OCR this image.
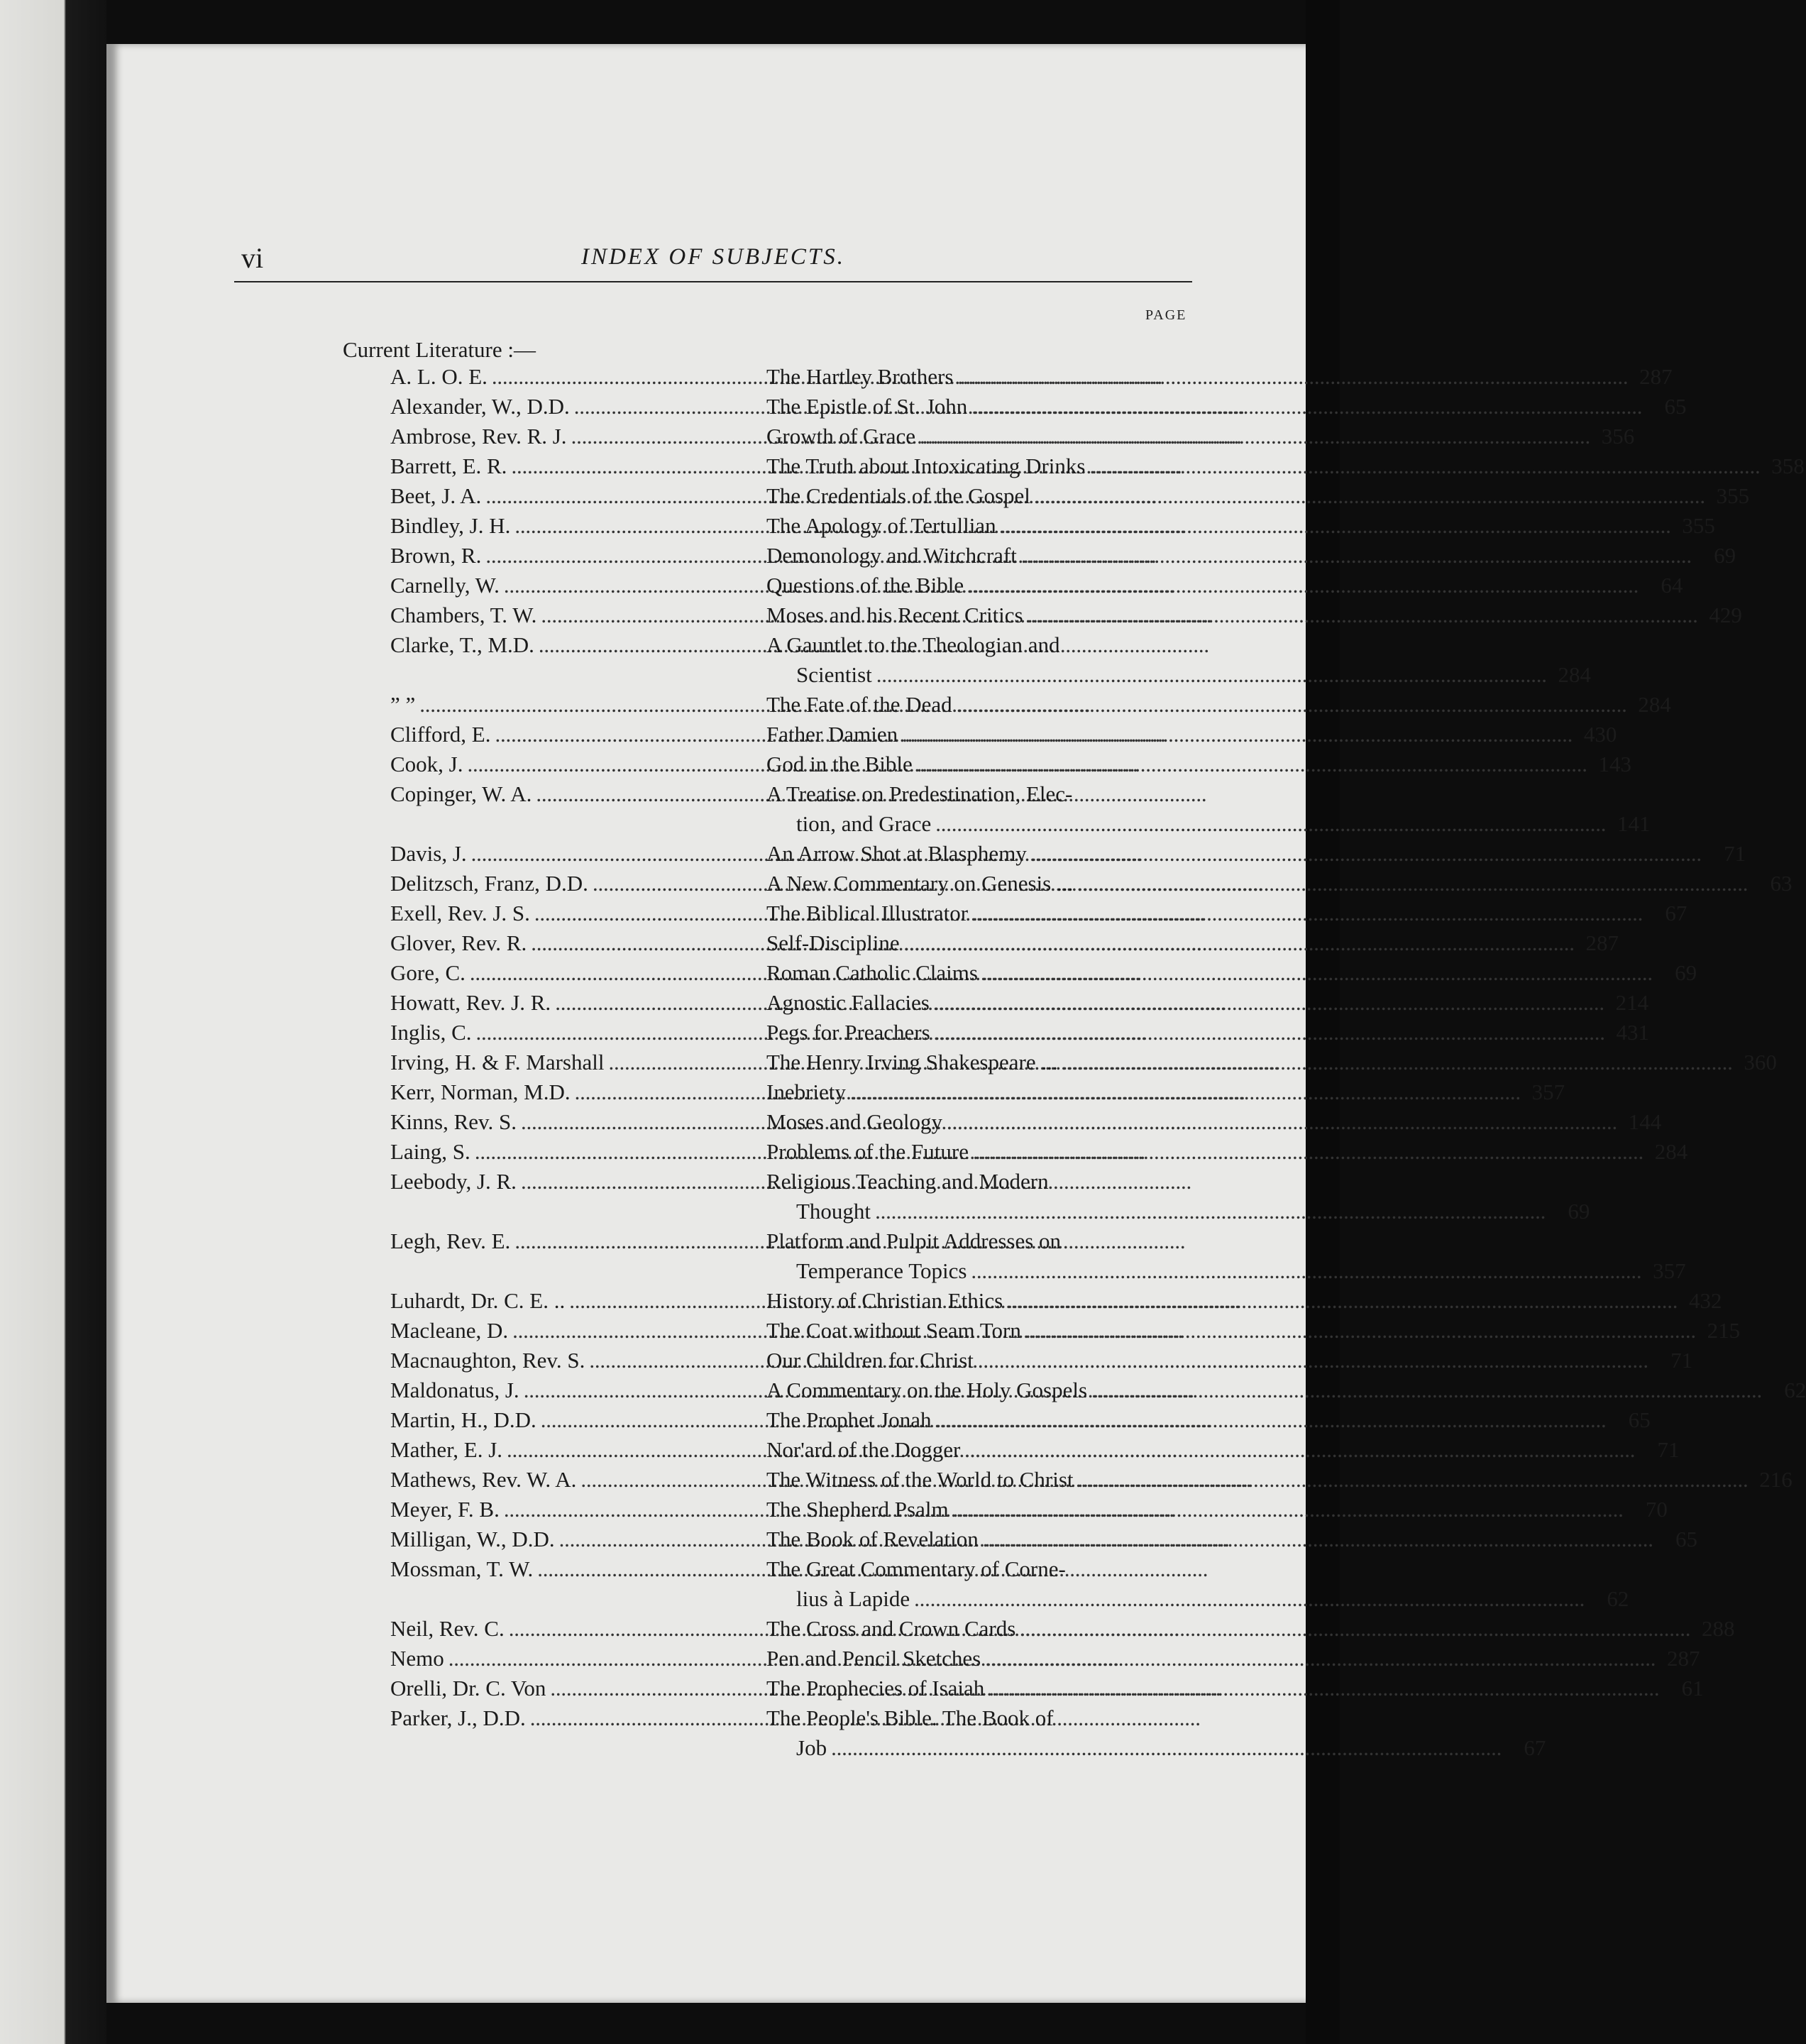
vi	INDEX OF SUBJECTS.
PAGE
Current Literature :—
A. L. O. E. . . .	The Hartley Brothers . . .	287
Alexander, W., D.D. . . .	The Epistle of St. John . . .	65
Ambrose, Rev. R. J. . . .	Growth of Grace . . .	356
Barrett, E. R. . . .	The Truth about Intoxicating Drinks . . .	358
Beet, J. A. . . .	The Credentials of the Gospel . . .	355
Bindley, J. H. . . .	The Apology of Tertullian . . .	355
Brown, R. . . .	Demonology and Witchcraft . . .	69
Carnelly, W. . . .	Questions of the Bible . . .	64
Chambers, T. W. . . .	Moses and his Recent Critics . . .	429
Clarke, T., M.D. . . .	A Gauntlet to the Theologian and
Scientist . . .	284
” ” . . .	The Fate of the Dead . . .	284
Clifford, E. . . .	Father Damien . . .	430
Cook, J. . . .	God in the Bible . . .	143
Copinger, W. A. . . .	A Treatise on Predestination, Elec-
tion, and Grace . . .	141
Davis, J. . . .	An Arrow Shot at Blasphemy . . .	71
Delitzsch, Franz, D.D. . . .	A New Commentary on Genesis ... . . .	63
Exell, Rev. J. S. . . .	The Biblical Illustrator . . .	67
Glover, Rev. R. . . .	Self-Discipline . . .	287
Gore, C. . . .	Roman Catholic Claims . . .	69
Howatt, Rev. J. R. . . .	Agnostic Fallacies . . .	214
Inglis, C. . . .	Pegs for Preachers . . .	431
Irving, H. & F. Marshall . . .	The Henry Irving Shakespeare ... . . .	360
Kerr, Norman, M.D. . . .	Inebriety . . .	357
Kinns, Rev. S. . . .	Moses and Geology . . .	144
Laing, S. . . .	Problems of the Future . . .	284
Leebody, J. R. . . .	Religious Teaching and Modern
Thought . . .	69
Legh, Rev. E. . . .	Platform and Pulpit Addresses on
Temperance Topics . . .	357
Luhardt, Dr. C. E. .. . . .	History of Christian Ethics . . .	432
Macleane, D. . . .	The Coat without Seam Torn . . .	215
Macnaughton, Rev. S. . . .	Our Children for Christ . . .	71
Maldonatus, J. . . .	A Commentary on the Holy Gospels . . .	62
Martin, H., D.D. . . .	The Prophet Jonah . . .	65
Mather, E. J. . . .	Nor'ard of the Dogger . . .	71
Mathews, Rev. W. A. . . .	The Witness of the World to Christ . . .	216
Meyer, F. B. . . .	The Shepherd Psalm . . .	70
Milligan, W., D.D. . . .	The Book of Revelation . . .	65
Mossman, T. W. . . .	The Great Commentary of Corne-
lius à Lapide . . .	62
Neil, Rev. C. . . .	The Cross and Crown Cards . . .	288
Nemo . . .	Pen and Pencil Sketches . . .	287
Orelli, Dr. C. Von . . .	The Prophecies of Isaiah . . .	61
Parker, J., D.D. . . .	The People's Bible. The Book of
Job . . .	67
